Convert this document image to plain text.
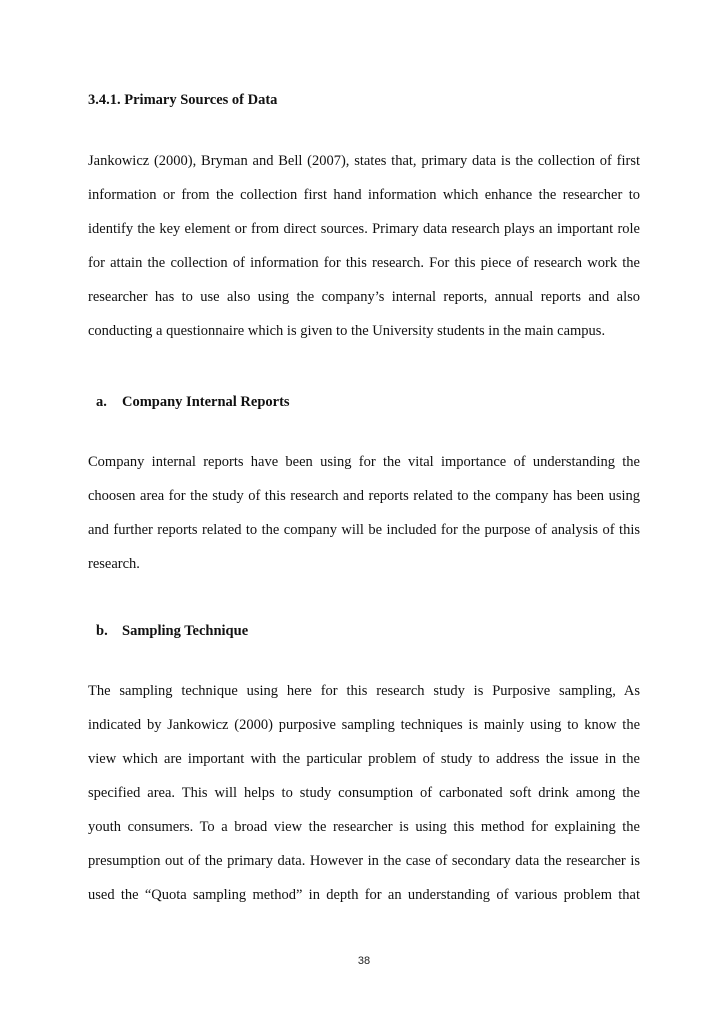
3.4.1. Primary Sources of Data

Jankowicz (2000), Bryman and Bell (2007), states that, primary data is the collection of first
information or from the collection first hand information which enhance the researcher to
identify the key element or from direct sources. Primary data research plays an important role
for attain the collection of information for this research. For this piece of research work the
researcher has to use also using the company’s internal reports, annual reports and also
conducting a questionnaire which is given to the University students in the main campus.

a. Company Internal Reports

Company internal reports have been using for the vital importance of understanding the
choosen area for the study of this research and reports related to the company has been using
and further reports related to the company will be included for the purpose of analysis of this
research.

b. Sampling Technique

The sampling technique using here for this research study is Purposive sampling, As
indicated by Jankowicz (2000) purposive sampling techniques is mainly using to know the
view which are important with the particular problem of study to address the issue in the
specified area. This will helps to study consumption of carbonated soft drink among the
youth consumers. To a broad view the researcher is using this method for explaining the
presumption out of the primary data. However in the case of secondary data the researcher is
used the “Quota sampling method” in depth for an understanding of various problem that

38
